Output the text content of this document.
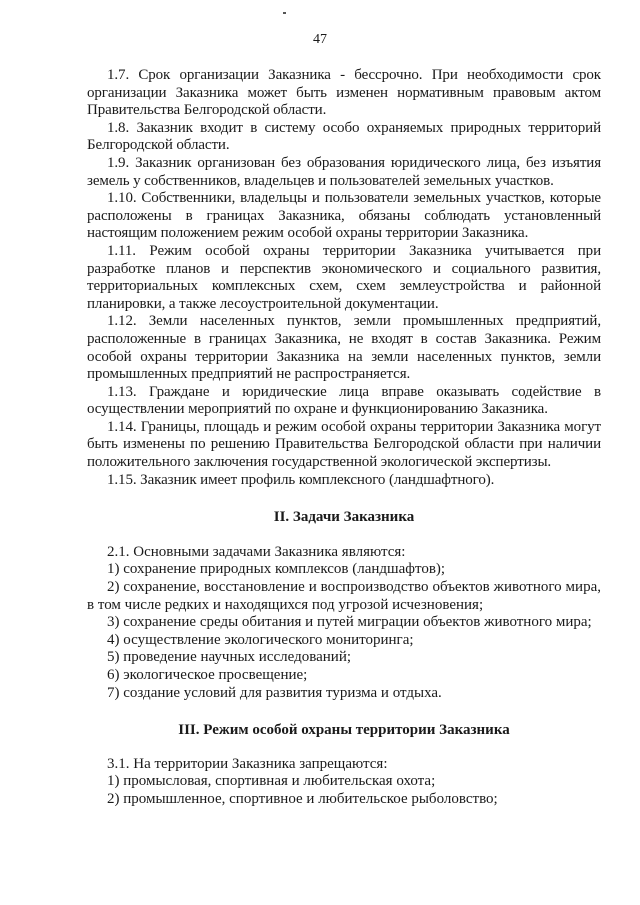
47

1.7. Срок организации Заказника - бессрочно. При необходимости срок организации Заказника может быть изменен нормативным правовым актом Правительства Белгородской области.

1.8. Заказник входит в систему особо охраняемых природных территорий Белгородской области.

1.9. Заказник организован без образования юридического лица, без изъятия земель у собственников, владельцев и пользователей земельных участков.

1.10. Собственники, владельцы и пользователи земельных участков, которые расположены в границах Заказника, обязаны соблюдать установленный настоящим положением режим особой охраны территории Заказника.

1.11. Режим особой охраны территории Заказника учитывается при разработке планов и перспектив экономического и социального развития, территориальных комплексных схем, схем землеустройства и районной планировки, а также лесоустроительной документации.

1.12. Земли населенных пунктов, земли промышленных предприятий, расположенные в границах Заказника, не входят в состав Заказника. Режим особой охраны территории Заказника на земли населенных пунктов, земли промышленных предприятий не распространяется.

1.13. Граждане и юридические лица вправе оказывать содействие в осуществлении мероприятий по охране и функционированию Заказника.

1.14. Границы, площадь и режим особой охраны территории Заказника могут быть изменены по решению Правительства Белгородской области при наличии положительного заключения государственной экологической экспертизы.

1.15. Заказник имеет профиль комплексного (ландшафтного).

II. Задачи Заказника

2.1. Основными задачами Заказника являются:

1) сохранение природных комплексов (ландшафтов);

2) сохранение, восстановление и воспроизводство объектов животного мира, в том числе редких и находящихся под угрозой исчезновения;

3) сохранение среды обитания и путей миграции объектов животного мира;

4) осуществление экологического мониторинга;

5) проведение научных исследований;

6) экологическое просвещение;

7) создание условий для развития туризма и отдыха.

III. Режим особой охраны территории Заказника

3.1. На территории Заказника запрещаются:

1) промысловая, спортивная и любительская охота;

2) промышленное, спортивное и любительское рыболовство;
